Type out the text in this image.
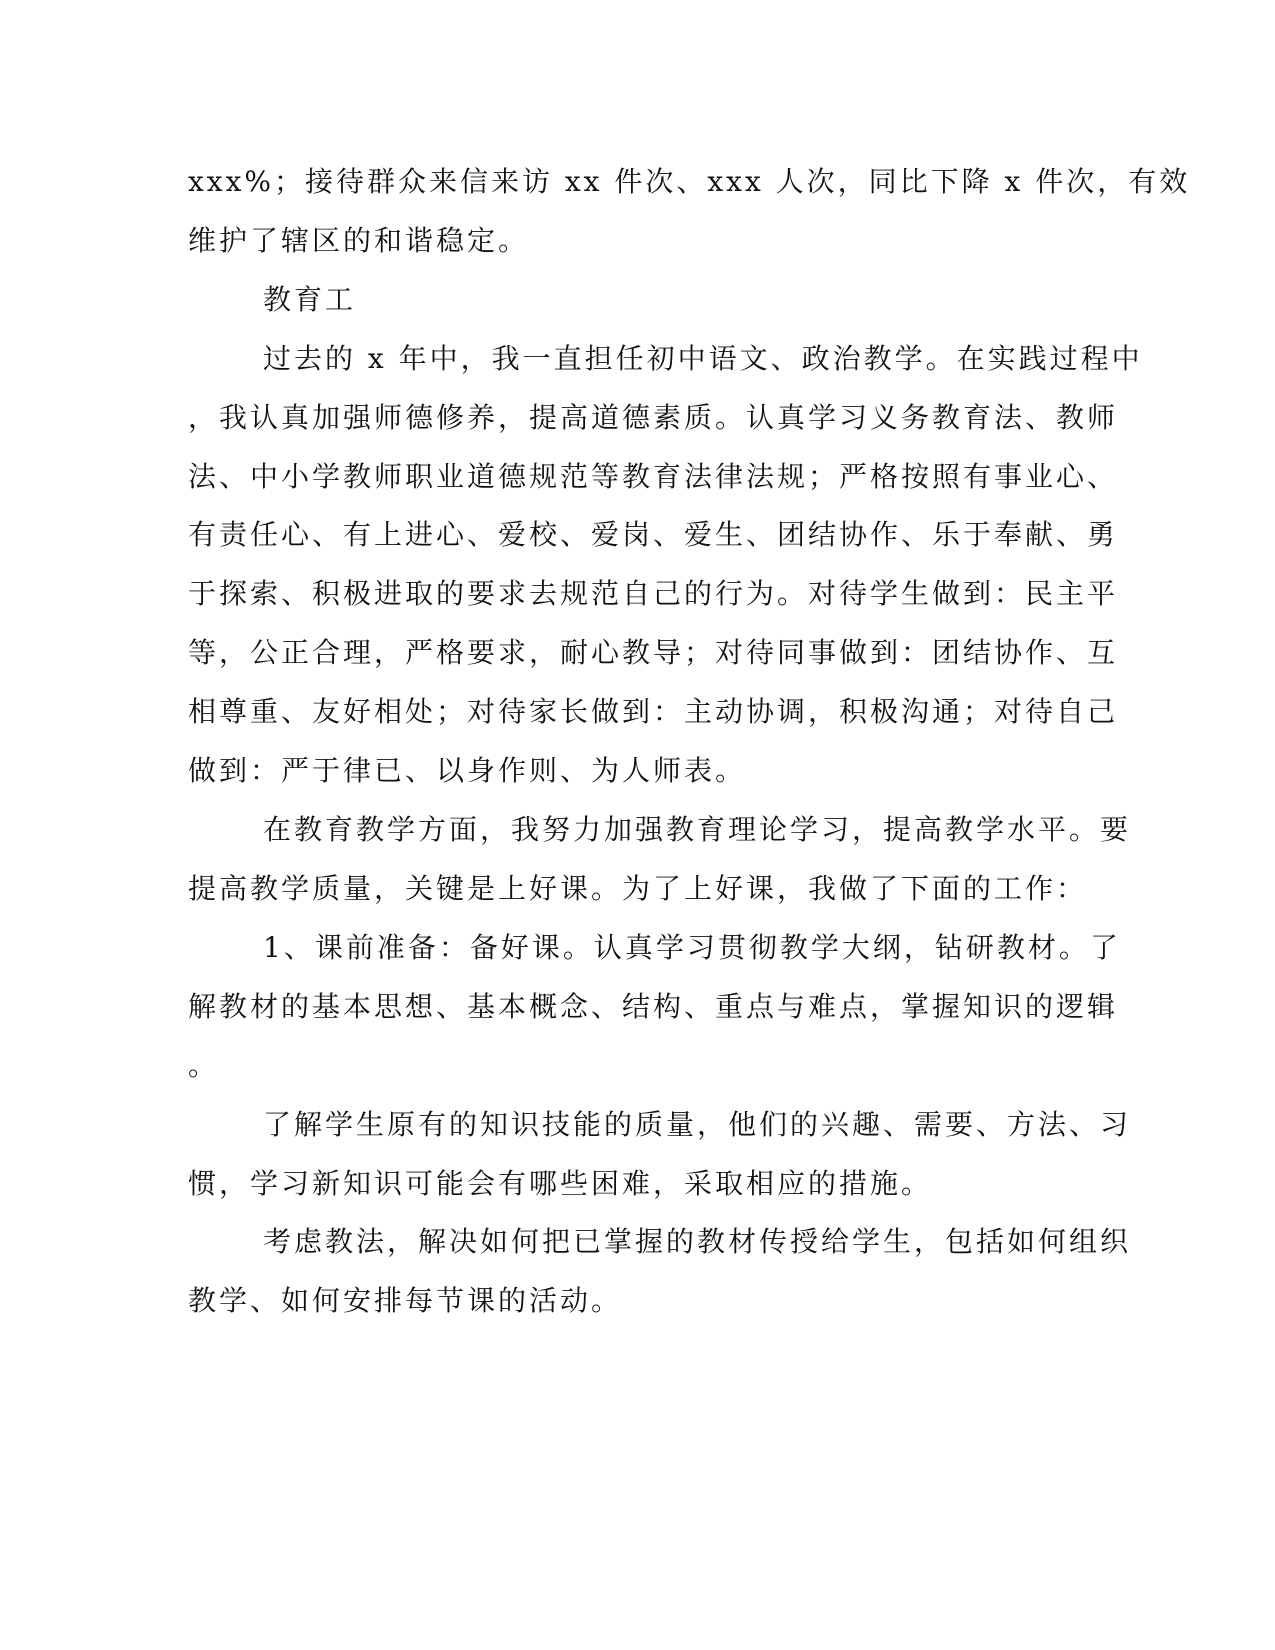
xxx%；接待群众来信来访 xx 件次、xxx 人次，同比下降 x 件次，有效
维护了辖区的和谐稳定。
教育工
过去的 x 年中，我一直担任初中语文、政治教学。在实践过程中
，我认真加强师德修养，提高道德素质。认真学习义务教育法、教师
法、中小学教师职业道德规范等教育法律法规；严格按照有事业心、
有责任心、有上进心、爱校、爱岗、爱生、团结协作、乐于奉献、勇
于探索、积极进取的要求去规范自己的行为。对待学生做到：民主平
等，公正合理，严格要求，耐心教导；对待同事做到：团结协作、互
相尊重、友好相处；对待家长做到：主动协调，积极沟通；对待自己
做到：严于律已、以身作则、为人师表。
在教育教学方面，我努力加强教育理论学习，提高教学水平。要
提高教学质量，关键是上好课。为了上好课，我做了下面的工作：
1、课前准备：备好课。认真学习贯彻教学大纲，钻研教材。了
解教材的基本思想、基本概念、结构、重点与难点，掌握知识的逻辑
。
了解学生原有的知识技能的质量，他们的兴趣、需要、方法、习
惯，学习新知识可能会有哪些困难，采取相应的措施。
考虑教法，解决如何把已掌握的教材传授给学生，包括如何组织
教学、如何安排每节课的活动。
